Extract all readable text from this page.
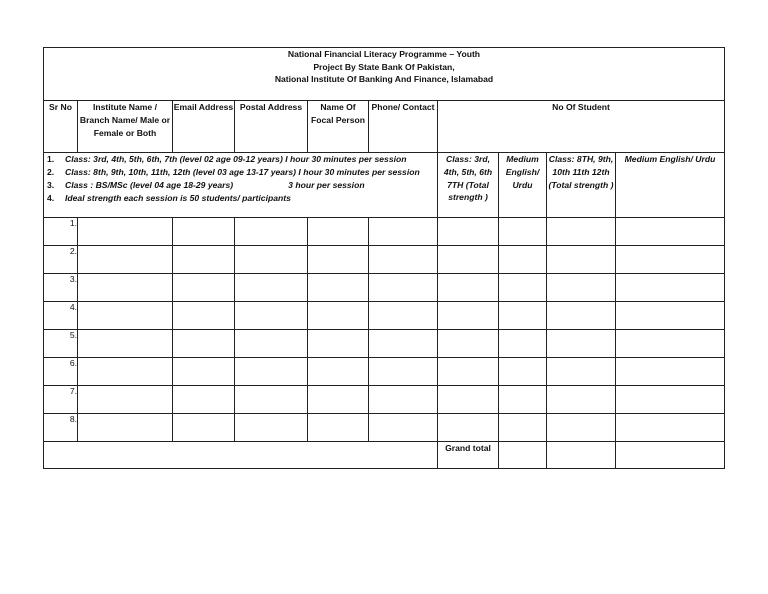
National Financial Literacy Programme – Youth
Project By State Bank Of Pakistan,
National Institute Of Banking And Finance, Islamabad									

Sr No	Institute Name / Branch Name/ Male or Female or Both	Email Address	Postal Address	Name Of Focal Person	Phone/ Contact	No Of Student			

1. Class: 3rd, 4th, 5th, 6th, 7th (level 02 age 09-12 years) I hour 30 minutes per session
2. Class: 8th, 9th, 10th, 11th, 12th (level 03 age 13-17 years) I hour 30 minutes per session
3. Class : BS/MSc (level 04 age 18-29 years) 3 hour per session
4. Ideal strength each session is 50 students/ participants						Class: 3rd, 4th, 5th, 6th 7TH (Total strength )	Medium English/ Urdu	Class: 8TH, 9th, 10th 11th 12th (Total strength )	Medium English/ Urdu
1.									
2.									
3.									
4.									
5.									
6.									
7.									
8.									
						Grand total			
